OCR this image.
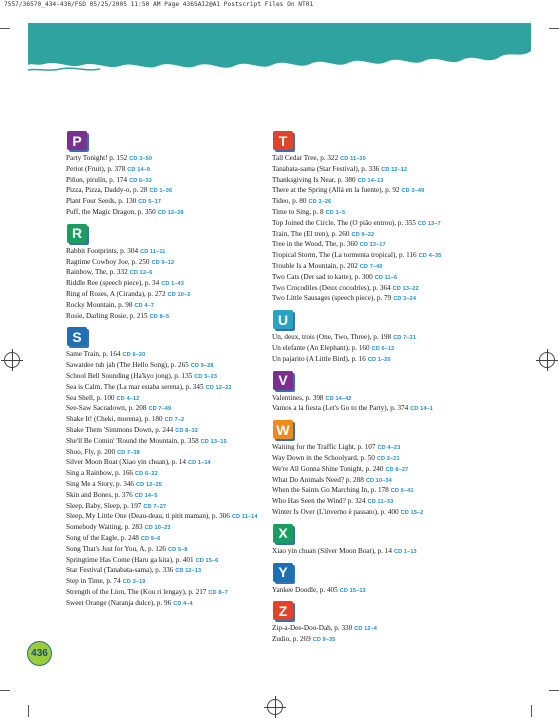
7557/36570_434-436/FSD 05/25/2005 11:50 AM Page 436SAI2@A1 Postscript Files On NT01
P

Party Tonight! p. 152 CD 3–50

Periot (Fruit), p. 378 CD 14–9

Piñon, pirulín, p. 174 CD 6–33

Pizza, Pizza, Daddy-o, p. 28 CD 1–36

Plant Four Seeds, p. 130 CD 5–17

Puff, the Magic Dragon, p. 350 CD 12–28

R

Rabbit Footprints, p. 304 CD 11–11

Ragtime Cowboy Joe, p. 250 CD 9–12

Rainbow, The, p. 332 CD 12–6

Riddle Ree (speech piece), p. 34 CD 1–43

Ring of Roses, A (Ciranda), p. 272 CD 10–2

Rocky Mountain, p. 98 CD 4–7

Rosie, Darling Rosie, p. 215 CD 8–5

S

Same Train, p. 164 CD 6–20

Sawatdee tuh jah (The Hello Song), p. 265 CD 9–28

School Bell Sounding (Ha'kyo jong), p. 135 CD 5–23

Sea is Calm, The (La mar estaba serena), p. 345 CD 12–22

Sea Shell, p. 100 CD 4–12

See-Saw Sacradown, p. 208 CD 7–49

Shake It! (Cheki, morena), p. 180 CD 7–2

Shake Them 'Simmons Down, p. 244 CD 8–32

She'll Be Comin' 'Round the Mountain, p. 358 CD 13–15

Shoo, Fly, p. 200 CD 7–38

Silver Moon Boat (Xiao yin chuan), p. 14 CD 1–14

Sing a Rainbow, p. 166 CD 6–22

Sing Me a Story, p. 346 CD 12–25

Skin and Bones, p. 376 CD 14–5

Sleep, Baby, Sleep, p. 197 CD 7–27

Sleep, My Little One (Deau-deau, ti pitit maman), p. 306 CD 11–14

Somebody Waiting, p. 283 CD 10–23

Song of the Eagle, p. 248 CD 9–6

Song That's Just for You, A, p. 126 CD 5–8

Springtime Has Come (Haru ga kita), p. 401 CD 15–6

Star Festival (Tanabata-sama), p. 336 CD 12–13

Step in Time, p. 74 CD 3–19

Strength of the Lion, The (Kou ri lengay), p. 217 CD 8–7

Sweet Orange (Naranja dulce), p. 96 CD 4–4

T

Tall Cedar Tree, p. 322 CD 11–30

Tanabata-sama (Star Festival), p. 336 CD 12–12

Thanksgiving Is Near, p. 380 CD 14–13

There at the Spring (Allá en la fuente), p. 92 CD 3–49

Tideo, p. 80 CD 3–26

Time to Sing, p. 8 CD 1–5

Top Joined the Circle, The (O pião entrou), p. 355 CD 13–7

Train, The (El tren), p. 260 CD 9–22

Tree in the Wood, The, p. 360 CD 13–17

Tropical Storm, The (La tormenta tropical), p. 116 CD 4–35

Trouble Is a Mountain, p. 202 CD 7–40

Two Cats (Der sad to katte), p. 300 CD 11–6

Two Crocodiles (Deux cocodries), p. 364 CD 13–22

Two Little Sausages (speech piece), p. 79 CD 3–24

U

Un, deux, trois (One, Two, Three), p. 198 CD 7–31

Un elefante (An Elephant), p. 160 CD 6–12

Un pajarito (A Little Bird), p. 16 CD 1–20

V

Valentines, p. 398 CD 14–42

Vamos a la fiesta (Let's Go to the Party), p. 374 CD 14–1

W

Waiting for the Traffic Light, p. 107 CD 4–23

Way Down in the Schoolyard, p. 50 CD 2–21

We're All Gonna Shine Tonight, p. 240 CD 8–27

What Do Animals Need? p. 288 CD 10–34

When the Saints Go Marching In, p. 178 CD 6–41

Who Has Seen the Wind? p. 324 CD 11–33

Winter Is Over (L'inverno è passato), p. 400 CD 15–2

X

Xiao yin chuan (Silver Moon Boat), p. 14 CD 1–13

Y

Yankee Doodle, p. 405 CD 15–13

Z

Zip-a-Dee-Doo-Dah, p. 330 CD 12–4

Zudio, p. 269 CD 9–35

436
